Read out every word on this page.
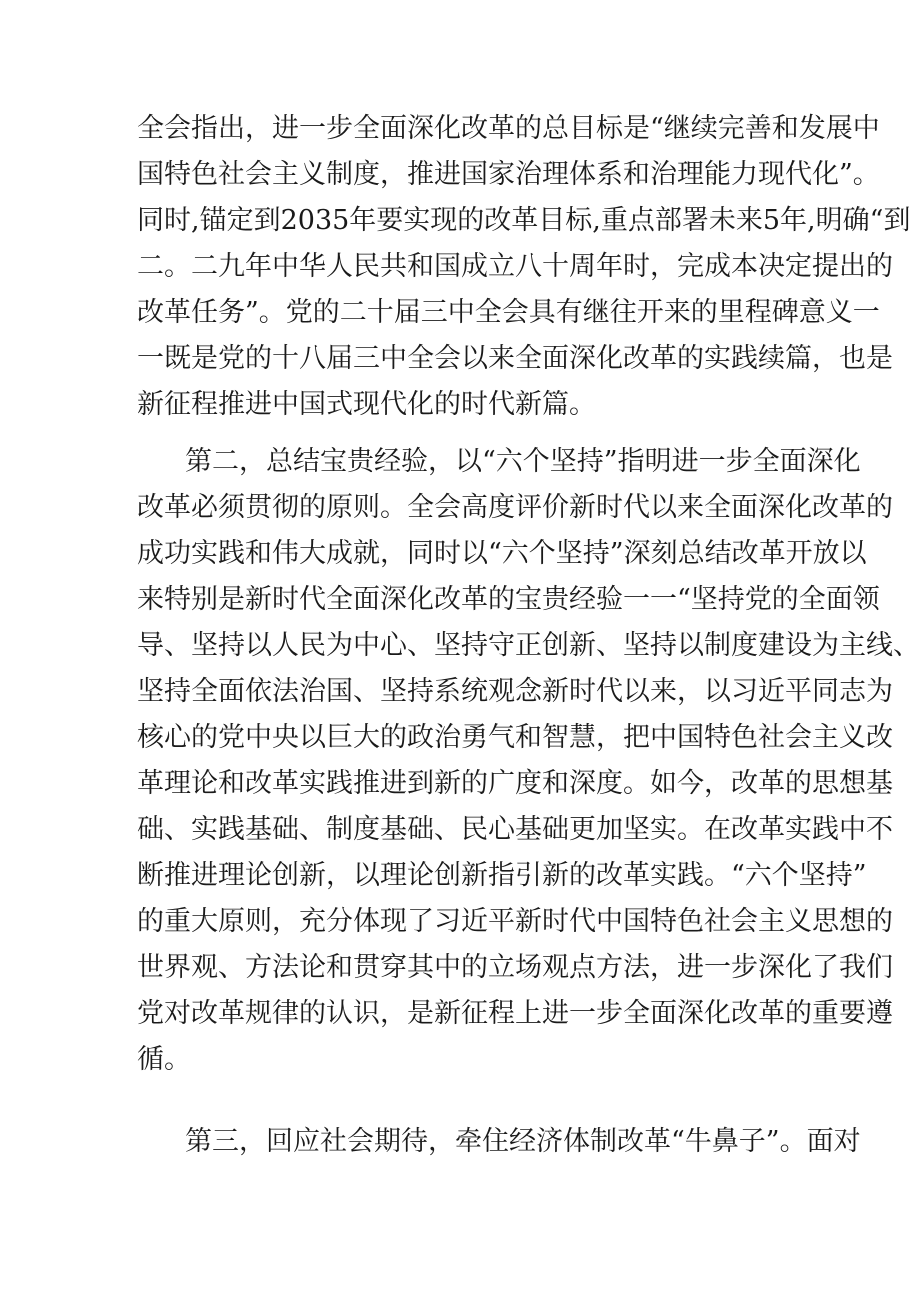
全会指出，进一步全面深化改革的总目标是“继续完善和发展中
国特色社会主义制度，推进国家治理体系和治理能力现代化”。
同时,锚定到2035年要实现的改革目标,重点部署未来5年,明确“到
二。二九年中华人民共和国成立八十周年时，完成本决定提出的
改革任务”。党的二十届三中全会具有继往开来的里程碑意义一
一既是党的十八届三中全会以来全面深化改革的实践续篇，也是
新征程推进中国式现代化的时代新篇。
第二，总结宝贵经验，以“六个坚持”指明进一步全面深化
改革必须贯彻的原则。全会高度评价新时代以来全面深化改革的
成功实践和伟大成就，同时以“六个坚持”深刻总结改革开放以
来特别是新时代全面深化改革的宝贵经验一一“坚持党的全面领
导、坚持以人民为中心、坚持守正创新、坚持以制度建设为主线、
坚持全面依法治国、坚持系统观念新时代以来，以习近平同志为
核心的党中央以巨大的政治勇气和智慧，把中国特色社会主义改
革理论和改革实践推进到新的广度和深度。如今，改革的思想基
础、实践基础、制度基础、民心基础更加坚实。在改革实践中不
断推进理论创新，以理论创新指引新的改革实践。“六个坚持”
的重大原则，充分体现了习近平新时代中国特色社会主义思想的
世界观、方法论和贯穿其中的立场观点方法，进一步深化了我们
党对改革规律的认识，是新征程上进一步全面深化改革的重要遵
循。
第三，回应社会期待，牵住经济体制改革“牛鼻子”。面对
